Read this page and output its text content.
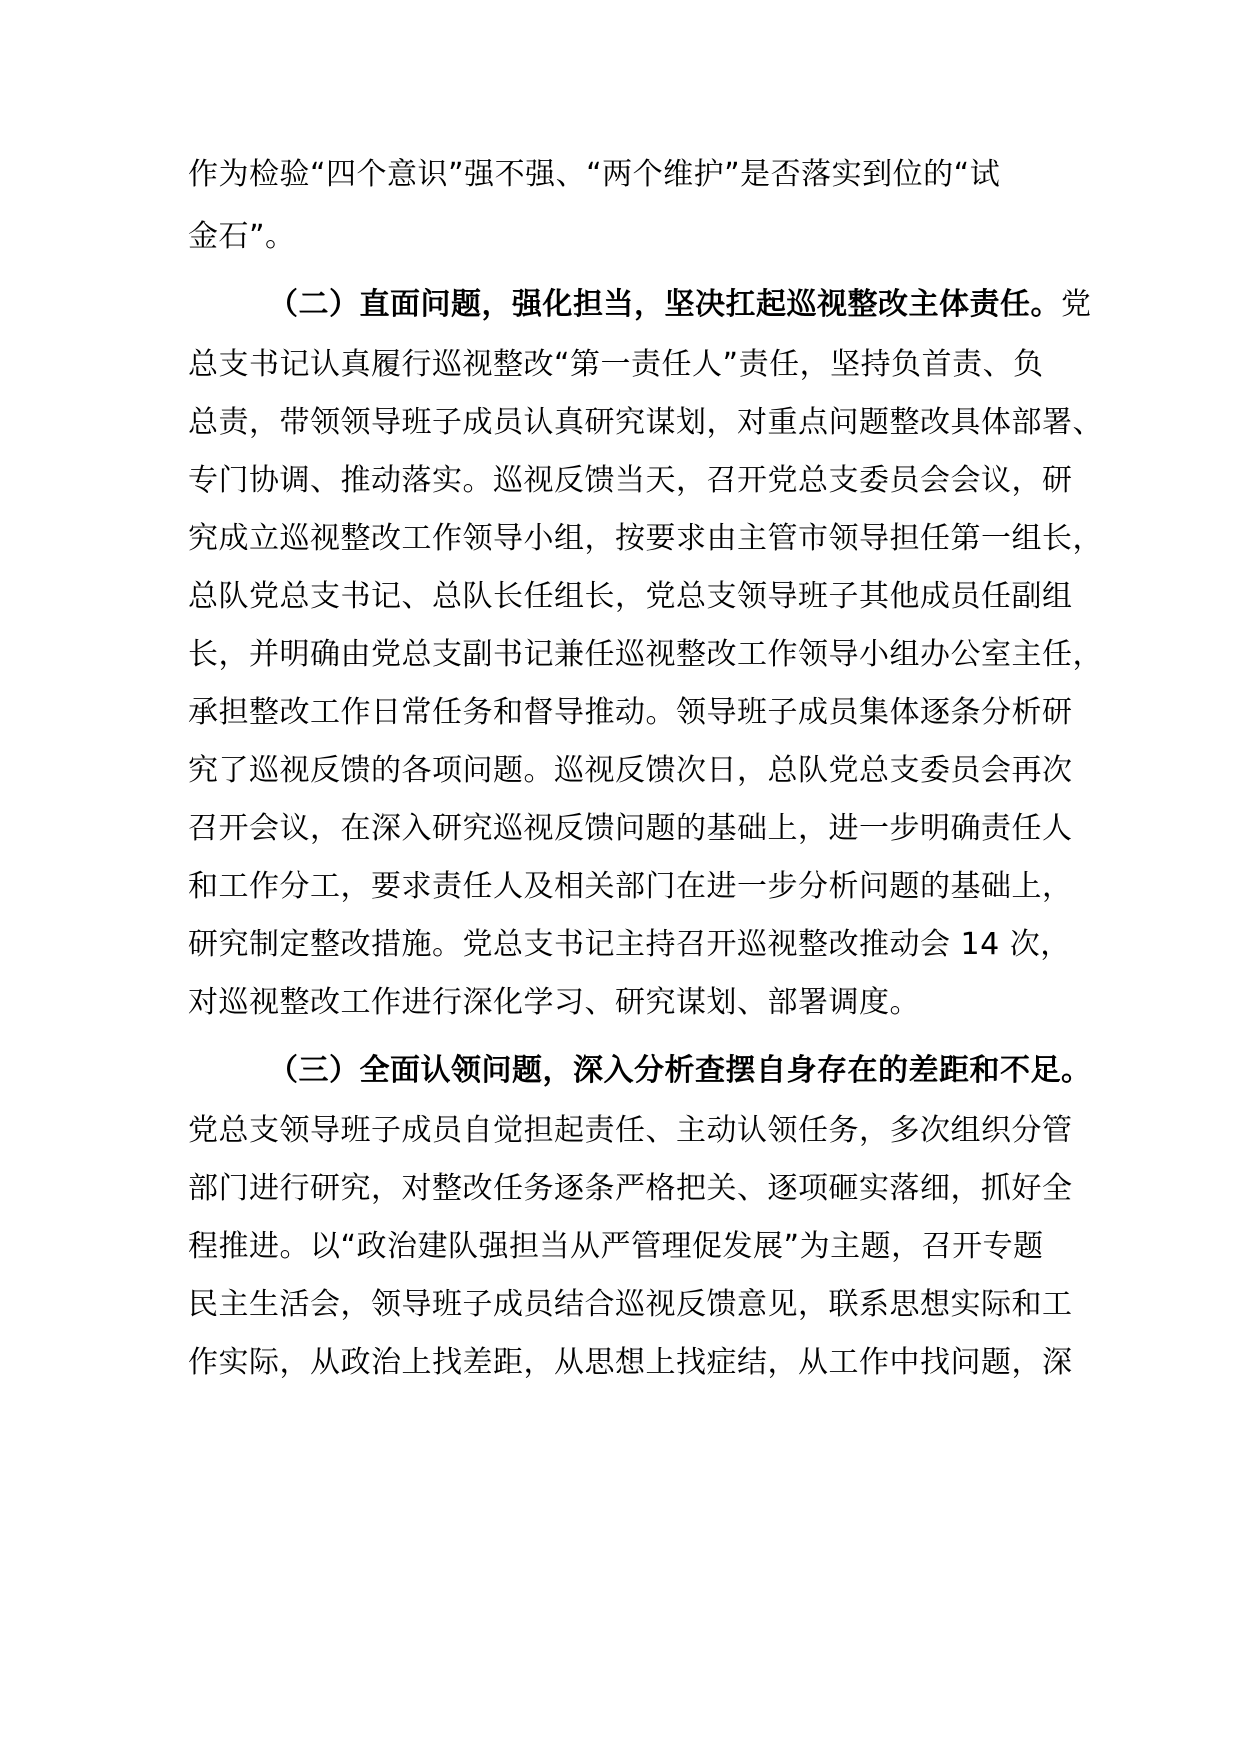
作为检验“四个意识”强不强、“两个维护”是否落实到位的“试
金石”。
（二）直面问题，强化担当，坚决扛起巡视整改主体责任。党
总支书记认真履行巡视整改“第一责任人”责任，坚持负首责、负
总责，带领领导班子成员认真研究谋划，对重点问题整改具体部署、
专门协调、推动落实。巡视反馈当天，召开党总支委员会会议，研
究成立巡视整改工作领导小组，按要求由主管市领导担任第一组长，
总队党总支书记、总队长任组长，党总支领导班子其他成员任副组
长，并明确由党总支副书记兼任巡视整改工作领导小组办公室主任，
承担整改工作日常任务和督导推动。领导班子成员集体逐条分析研
究了巡视反馈的各项问题。巡视反馈次日，总队党总支委员会再次
召开会议，在深入研究巡视反馈问题的基础上，进一步明确责任人
和工作分工，要求责任人及相关部门在进一步分析问题的基础上，
研究制定整改措施。党总支书记主持召开巡视整改推动会 14 次，
对巡视整改工作进行深化学习、研究谋划、部署调度。
（三）全面认领问题，深入分析查摆自身存在的差距和不足。
党总支领导班子成员自觉担起责任、主动认领任务，多次组织分管
部门进行研究，对整改任务逐条严格把关、逐项砸实落细，抓好全
程推进。以“政治建队强担当从严管理促发展”为主题，召开专题
民主生活会，领导班子成员结合巡视反馈意见，联系思想实际和工
作实际，从政治上找差距，从思想上找症结，从工作中找问题，深
